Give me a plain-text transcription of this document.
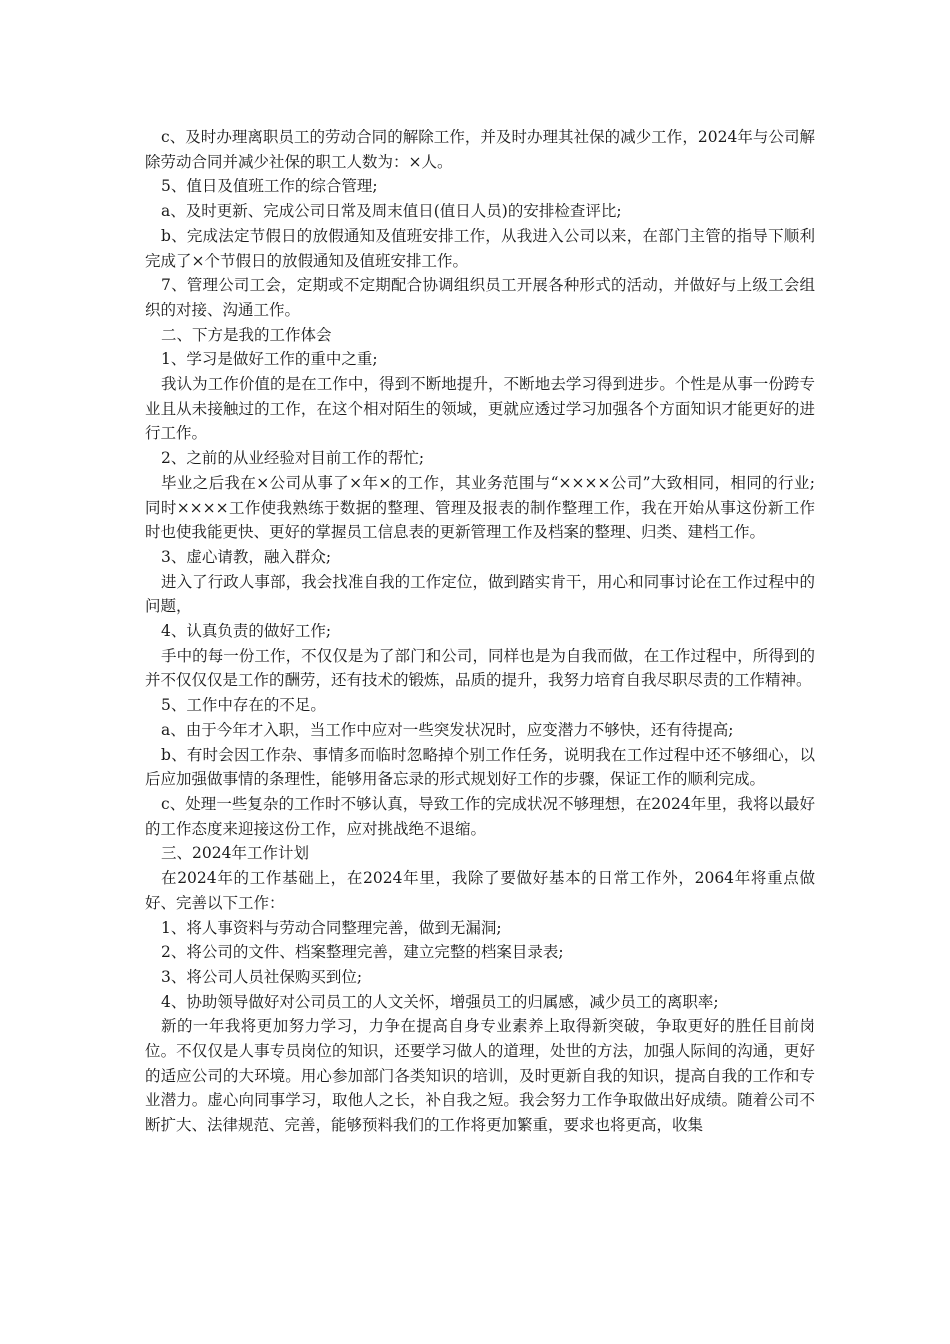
c、及时办理离职员工的劳动合同的解除工作，并及时办理其社保的减少工作，2024年与公司解除劳动合同并减少社保的职工人数为：×人。

5、值日及值班工作的综合管理;

a、及时更新、完成公司日常及周末值日(值日人员)的安排检查评比;

b、完成法定节假日的放假通知及值班安排工作，从我进入公司以来，在部门主管的指导下顺利完成了×个节假日的放假通知及值班安排工作。

7、管理公司工会，定期或不定期配合协调组织员工开展各种形式的活动，并做好与上级工会组织的对接、沟通工作。

二、下方是我的工作体会

1、学习是做好工作的重中之重;

我认为工作价值的是在工作中，得到不断地提升，不断地去学习得到进步。个性是从事一份跨专业且从未接触过的工作，在这个相对陌生的领域，更就应透过学习加强各个方面知识才能更好的进行工作。

2、之前的从业经验对目前工作的帮忙;

毕业之后我在×公司从事了×年×的工作，其业务范围与“××××公司”大致相同，相同的行业;同时××××工作使我熟练于数据的整理、管理及报表的制作整理工作，我在开始从事这份新工作时也使我能更快、更好的掌握员工信息表的更新管理工作及档案的整理、归类、建档工作。

3、虚心请教，融入群众;

进入了行政人事部，我会找准自我的工作定位，做到踏实肯干，用心和同事讨论在工作过程中的问题，

4、认真负责的做好工作;

手中的每一份工作，不仅仅是为了部门和公司，同样也是为自我而做，在工作过程中，所得到的并不仅仅仅是工作的酬劳，还有技术的锻炼，品质的提升，我努力培育自我尽职尽责的工作精神。

5、工作中存在的不足。

a、由于今年才入职，当工作中应对一些突发状况时，应变潜力不够快，还有待提高;

b、有时会因工作杂、事情多而临时忽略掉个别工作任务，说明我在工作过程中还不够细心，以后应加强做事情的条理性，能够用备忘录的形式规划好工作的步骤，保证工作的顺利完成。

c、处理一些复杂的工作时不够认真，导致工作的完成状况不够理想，在2024年里，我将以最好的工作态度来迎接这份工作，应对挑战绝不退缩。

三、2024年工作计划

在2024年的工作基础上，在2024年里，我除了要做好基本的日常工作外，2064年将重点做好、完善以下工作：

1、将人事资料与劳动合同整理完善，做到无漏洞;

2、将公司的文件、档案整理完善，建立完整的档案目录表;

3、将公司人员社保购买到位;

4、协助领导做好对公司员工的人文关怀，增强员工的归属感，减少员工的离职率;

新的一年我将更加努力学习，力争在提高自身专业素养上取得新突破，争取更好的胜任目前岗位。不仅仅是人事专员岗位的知识，还要学习做人的道理，处世的方法，加强人际间的沟通，更好的适应公司的大环境。用心参加部门各类知识的培训，及时更新自我的知识，提高自我的工作和专业潜力。虚心向同事学习，取他人之长，补自我之短。我会努力工作争取做出好成绩。随着公司不断扩大、法律规范、完善，能够预料我们的工作将更加繁重，要求也将更高，收集
